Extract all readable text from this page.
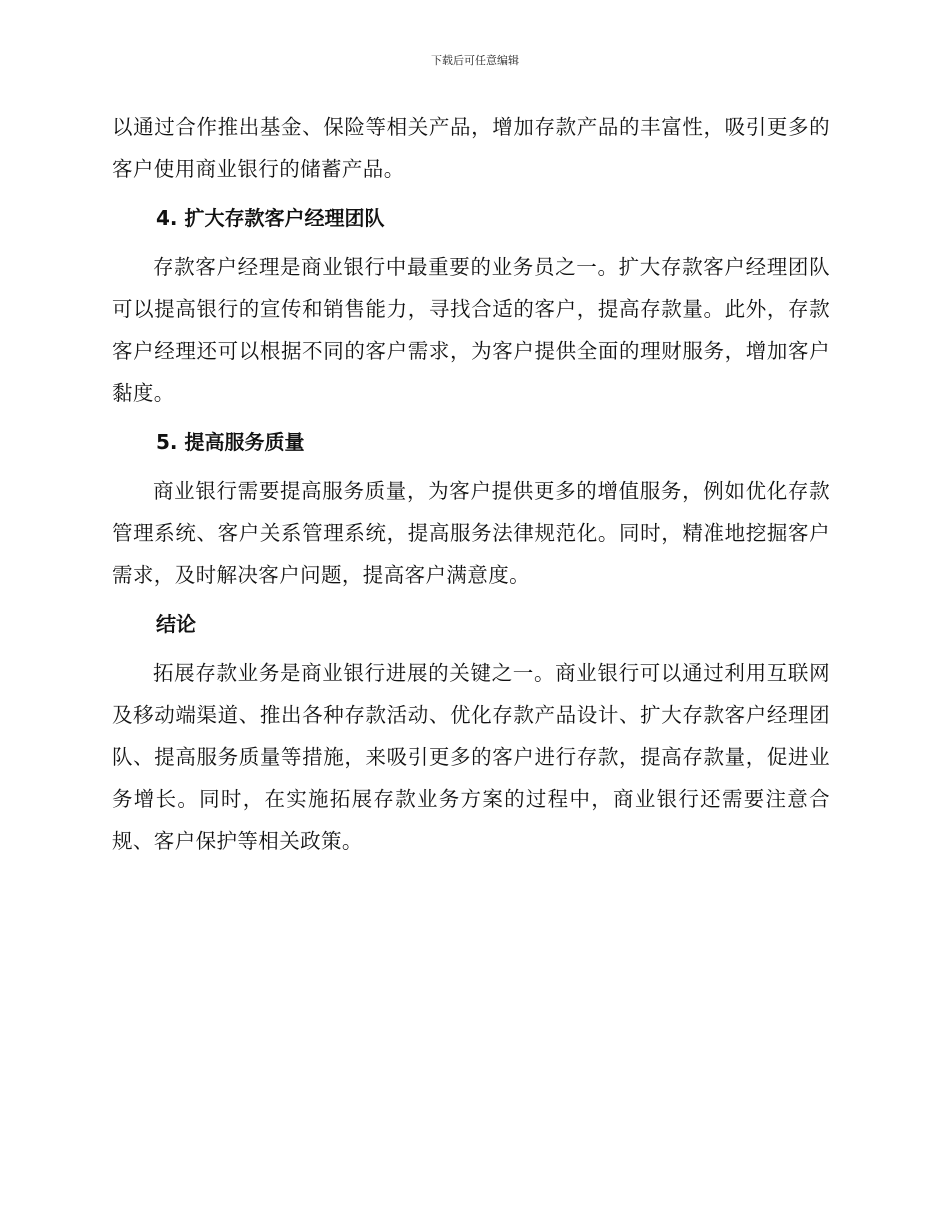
下载后可任意编辑

以通过合作推出基金、保险等相关产品，增加存款产品的丰富性，吸引更多的客户使用商业银行的储蓄产品。

4. 扩大存款客户经理团队

存款客户经理是商业银行中最重要的业务员之一。扩大存款客户经理团队可以提高银行的宣传和销售能力，寻找合适的客户，提高存款量。此外，存款客户经理还可以根据不同的客户需求，为客户提供全面的理财服务，增加客户黏度。

5. 提高服务质量

商业银行需要提高服务质量，为客户提供更多的增值服务，例如优化存款管理系统、客户关系管理系统，提高服务法律规范化。同时，精准地挖掘客户需求，及时解决客户问题，提高客户满意度。

结论

拓展存款业务是商业银行进展的关键之一。商业银行可以通过利用互联网及移动端渠道、推出各种存款活动、优化存款产品设计、扩大存款客户经理团队、提高服务质量等措施，来吸引更多的客户进行存款，提高存款量，促进业务增长。同时，在实施拓展存款业务方案的过程中，商业银行还需要注意合规、客户保护等相关政策。
